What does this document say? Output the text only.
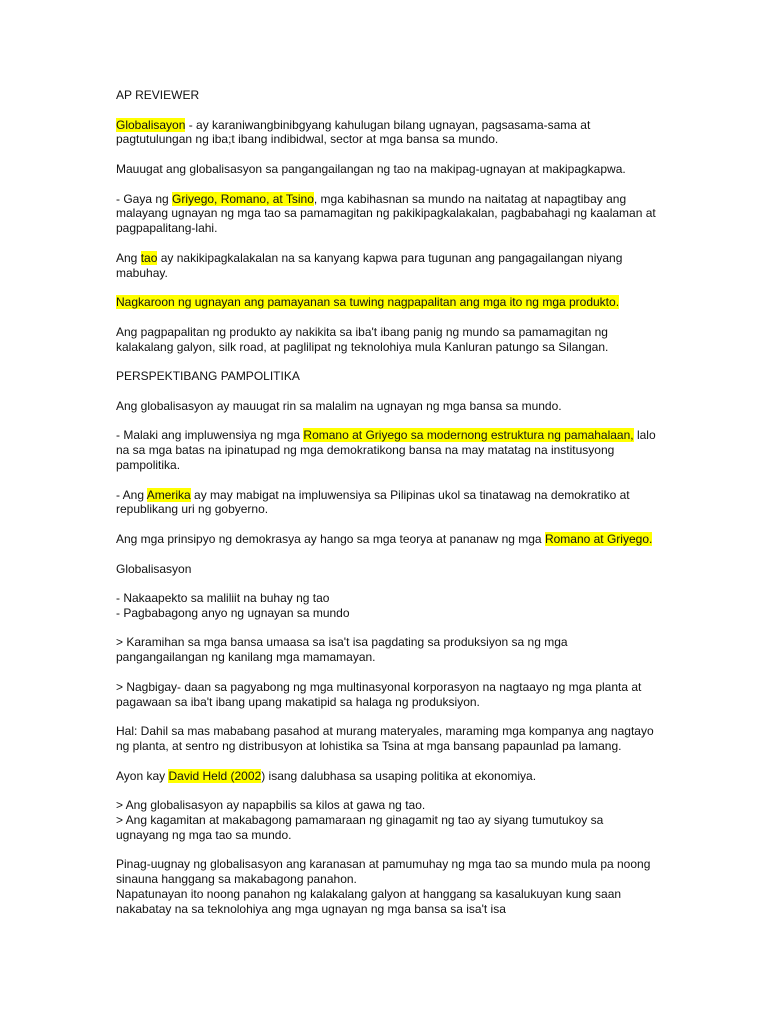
AP REVIEWER

Globalisayon - ay karaniwangbinibgyang kahulugan bilang ugnayan, pagsasama-sama at pagtutulungan ng iba;t ibang indibidwal, sector at mga bansa sa mundo.

Mauugat ang globalisasyon sa pangangailangan ng tao na makipag-ugnayan at makipagkapwa.

- Gaya ng Griyego, Romano, at Tsino, mga kabihasnan sa mundo na naitatag at napagtibay ang malayang ugnayan ng mga tao sa pamamagitan ng pakikipagkalakalan, pagbabahagi ng kaalaman at pagpapalitang-lahi.

Ang tao ay nakikipagkalakalan na sa kanyang kapwa para tugunan ang pangagailangan niyang mabuhay.

Nagkaroon ng ugnayan ang pamayanan sa tuwing nagpapalitan ang mga ito ng mga produkto.

Ang pagpapalitan ng produkto ay nakikita sa iba't ibang panig ng mundo sa pamamagitan ng kalakalang galyon, silk road, at paglilipat ng teknolohiya mula Kanluran patungo sa Silangan.

PERSPEKTIBANG PAMPOLITIKA

Ang globalisasyon ay mauugat rin sa malalim na ugnayan ng mga bansa sa mundo.

- Malaki ang impluwensiya ng mga Romano at Griyego sa modernong estruktura ng pamahalaan, lalo na sa mga batas na ipinatupad ng mga demokratikong bansa na may matatag na institusyong pampolitika.

- Ang Amerika ay may mabigat na impluwensiya sa Pilipinas ukol sa tinatawag na demokratiko at republikang uri ng gobyerno.

Ang mga prinsipyo ng demokrasya ay hango sa mga teorya at pananaw ng mga Romano at Griyego.

Globalisasyon

- Nakaapekto sa maliliit na buhay ng tao
- Pagbabagong anyo ng ugnayan sa mundo

> Karamihan sa mga bansa umaasa sa isa't isa pagdating sa produksiyon sa ng mga pangangailangan ng kanilang mga mamamayan.

> Nagbigay- daan sa pagyabong ng mga multinasyonal korporasyon na nagtaayo ng mga planta at pagawaan sa iba't ibang upang makatipid sa halaga ng produksiyon.

Hal: Dahil sa mas mababang pasahod at murang materyales, maraming mga kompanya ang nagtayo ng planta, at sentro ng distribusyon at lohistika sa Tsina at mga bansang papaunlad pa lamang.

Ayon kay David Held (2002) isang dalubhasa sa usaping politika at ekonomiya.

> Ang globalisasyon ay napapbilis sa kilos at gawa ng tao.
> Ang kagamitan at makabagong pamamaraan ng ginagamit ng tao ay siyang tumutukoy sa ugnayang ng mga tao sa mundo.

Pinag-uugnay ng globalisasyon ang karanasan at pamumuhay ng mga tao sa mundo mula pa noong sinauna hanggang sa makabagong panahon.

Napatunayan ito noong panahon ng kalakalang galyon at hanggang sa kasalukuyan kung saan nakabatay na sa teknolohiya ang mga ugnayan ng mga bansa sa isa't isa
